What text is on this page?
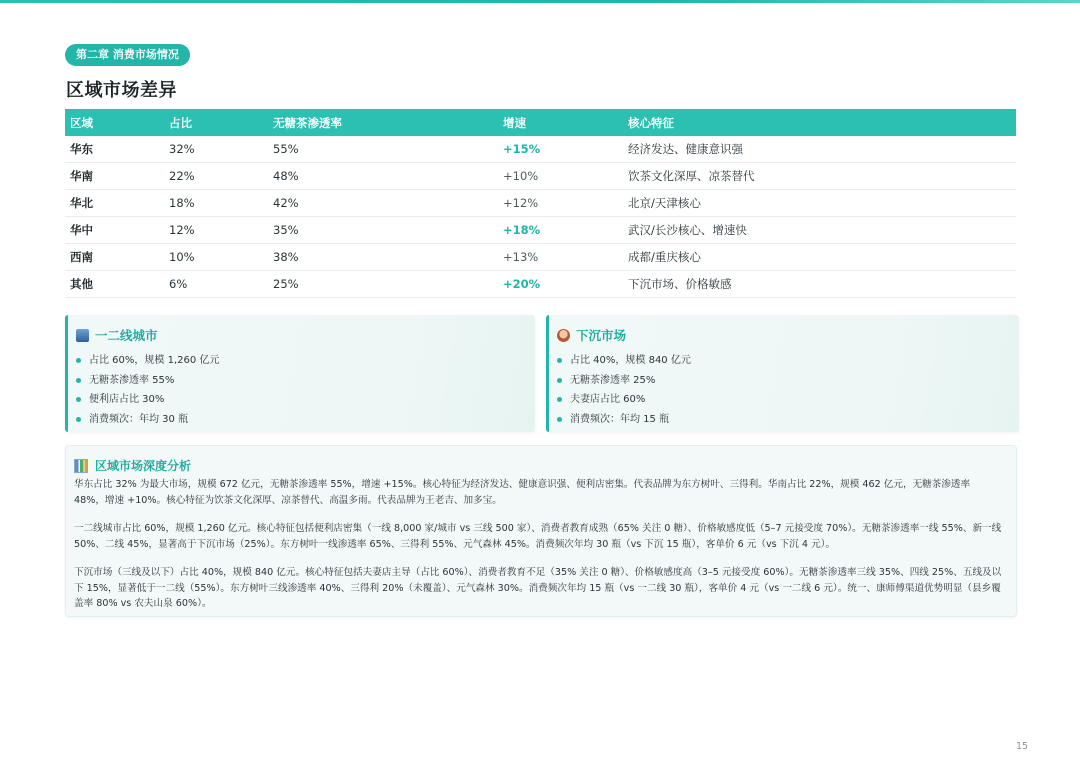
第二章 消费市场情况
区域市场差异
区域	占比	无糖茶渗透率	增速	核心特征
华东	32%	55%	+15%	经济发达、健康意识强
华南	22%	48%	+10%	饮茶文化深厚、凉茶替代
华北	18%	42%	+12%	北京/天津核心
华中	12%	35%	+18%	武汉/长沙核心、增速快
西南	10%	38%	+13%	成都/重庆核心
其他	6%	25%	+20%	下沉市场、价格敏感
一二线城市
占比 60%，规模 1,260 亿元
无糖茶渗透率 55%
便利店占比 30%
消费频次：年均 30 瓶
下沉市场
占比 40%，规模 840 亿元
无糖茶渗透率 25%
夫妻店占比 60%
消费频次：年均 15 瓶
区域市场深度分析

华东占比 32% 为最大市场，规模 672 亿元，无糖茶渗透率 55%，增速 +15%。核心特征为经济发达、健康意识强、便利店密集。代表品牌为东方树叶、三得利。华南占比 22%，规模 462 亿元，无糖茶渗透率 48%，增速 +10%。核心特征为饮茶文化深厚、凉茶替代、高温多雨。代表品牌为王老吉、加多宝。

一二线城市占比 60%，规模 1,260 亿元。核心特征包括便利店密集（一线 8,000 家/城市 vs 三线 500 家）、消费者教育成熟（65% 关注 0 糖）、价格敏感度低（5–7 元接受度 70%）。无糖茶渗透率一线 55%、新一线 50%、二线 45%，显著高于下沉市场（25%）。东方树叶一线渗透率 65%、三得利 55%、元气森林 45%。消费频次年均 30 瓶（vs 下沉 15 瓶），客单价 6 元（vs 下沉 4 元）。

下沉市场（三线及以下）占比 40%，规模 840 亿元。核心特征包括夫妻店主导（占比 60%）、消费者教育不足（35% 关注 0 糖）、价格敏感度高（3–5 元接受度 60%）。无糖茶渗透率三线 35%、四线 25%、五线及以下 15%，显著低于一二线（55%）。东方树叶三线渗透率 40%、三得利 20%（未覆盖）、元气森林 30%。消费频次年均 15 瓶（vs 一二线 30 瓶），客单价 4 元（vs 一二线 6 元）。统一、康师傅渠道优势明显（县乡覆盖率 80% vs 农夫山泉 60%）。

15
